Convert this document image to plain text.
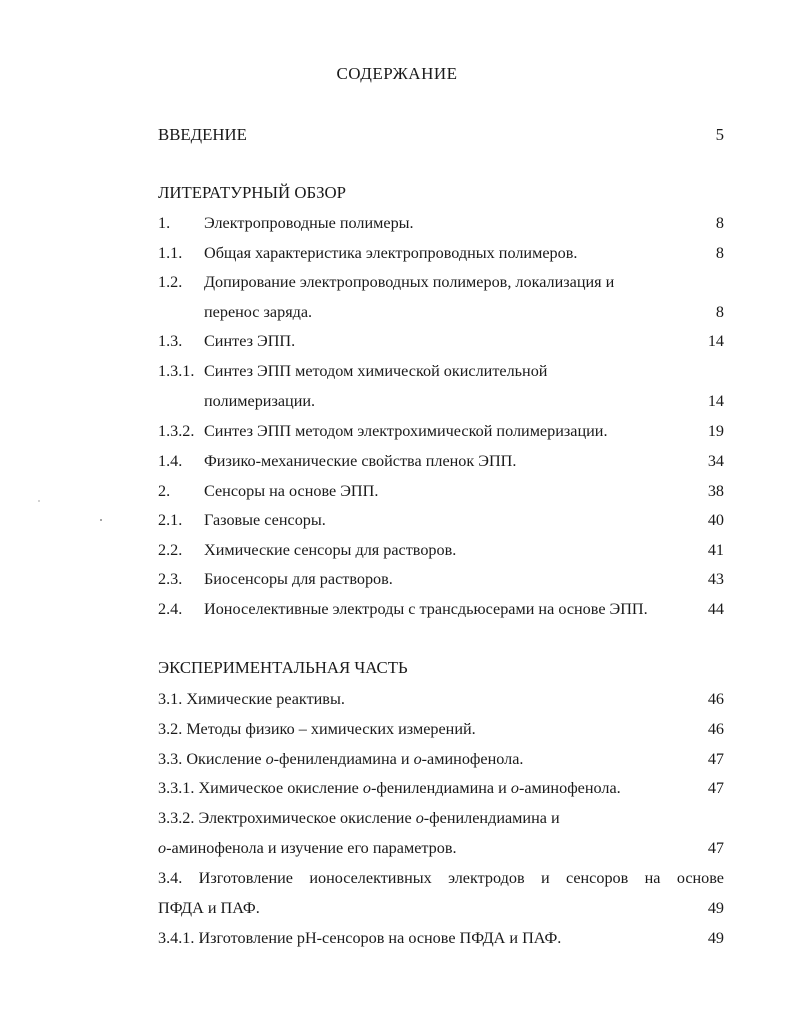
СОДЕРЖАНИЕ
ВВЕДЕНИЕ	5
ЛИТЕРАТУРНЫЙ ОБЗОР
1. Электропроводные полимеры.	8
1.1. Общая характеристика электропроводных полимеров.	8
1.2. Допирование электропроводных полимеров, локализация и
перенос заряда.	8
1.3. Синтез ЭПП.	14
1.3.1. Синтез ЭПП методом химической окислительной
полимеризации.	14
1.3.2. Синтез ЭПП методом электрохимической полимеризации.	19
1.4. Физико-механические свойства пленок ЭПП.	34
2. Сенсоры на основе ЭПП.	38
2.1. Газовые сенсоры.	40
2.2. Химические сенсоры для растворов.	41
2.3. Биосенсоры для растворов.	43
2.4. Ионоселективные электроды с трансдьюсерами на основе ЭПП.	44
ЭКСПЕРИМЕНТАЛЬНАЯ ЧАСТЬ
3.1. Химические реактивы.	46
3.2. Методы физико – химических измерений.	46
3.3. Окисление о-фенилендиамина и о-аминофенола.	47
3.3.1. Химическое окисление о-фенилендиамина и о-аминофенола.	47
3.3.2. Электрохимическое окисление о-фенилендиамина и
о-аминофенола и изучение его параметров.	47
3.4. Изготовление ионоселективных электродов и сенсоров на основе
ПФДА и ПАФ.	49
3.4.1. Изготовление pH-сенсоров на основе ПФДА и ПАФ.	49
